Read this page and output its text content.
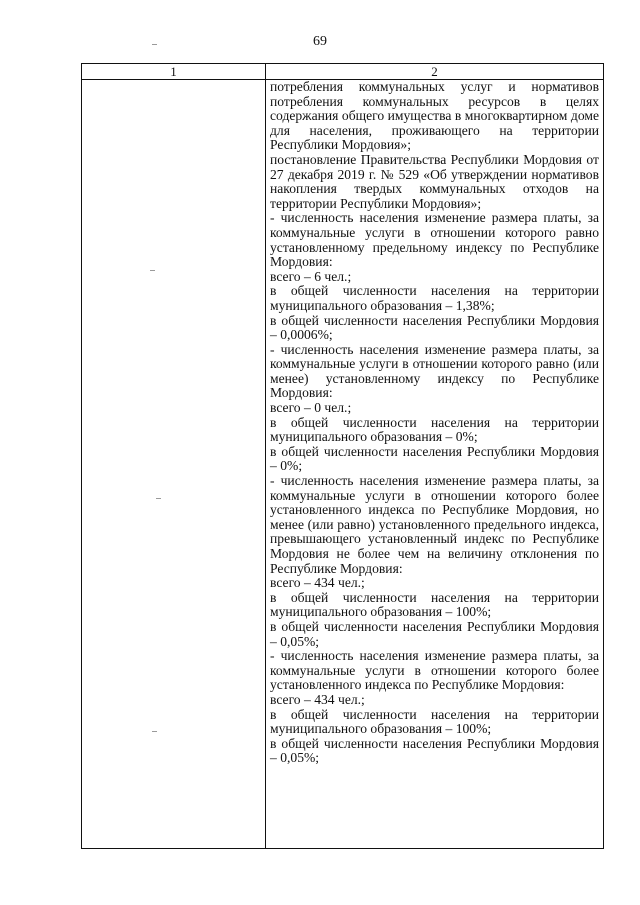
69
1	2

потребления коммунальных услуг и нормативов потребления коммунальных ресурсов в целях содержания общего имущества в многоквартирном доме для населения, проживающего на территории Республики Мордовия»;

постановление Правительства Республики Мордовия от 27 декабря 2019 г. № 529 «Об утверждении нормативов накопления твердых коммунальных отходов на территории Республики Мордовия»;

- численность населения изменение размера платы, за коммунальные услуги в отношении которого равно установленному предельному индексу по Республике Мордовия:

всего – 6 чел.;

в общей численности населения на территории муниципального образования – 1,38%;

в общей численности населения Республики Мордовия – 0,0006%;

- численность населения изменение размера платы, за коммунальные услуги в отношении которого равно (или менее) установленному индексу по Республике Мордовия:

всего – 0 чел.;

в общей численности населения на территории муниципального образования – 0%;

в общей численности населения Республики Мордовия – 0%;

- численность населения изменение размера платы, за коммунальные услуги в отношении которого более установленного индекса по Республике Мордовия, но менее (или равно) установленного предельного индекса, превышающего установленный индекс по Республике Мордовия не более чем на величину отклонения по Республике Мордовия:

всего – 434 чел.;

в общей численности населения на территории муниципального образования – 100%;

в общей численности населения Республики Мордовия – 0,05%;

- численность населения изменение размера платы, за коммунальные услуги в отношении которого более установленного индекса по Республике Мордовия:

всего – 434 чел.;

в общей численности населения на территории муниципального образования – 100%;

в общей численности населения Республики Мордовия – 0,05%;
